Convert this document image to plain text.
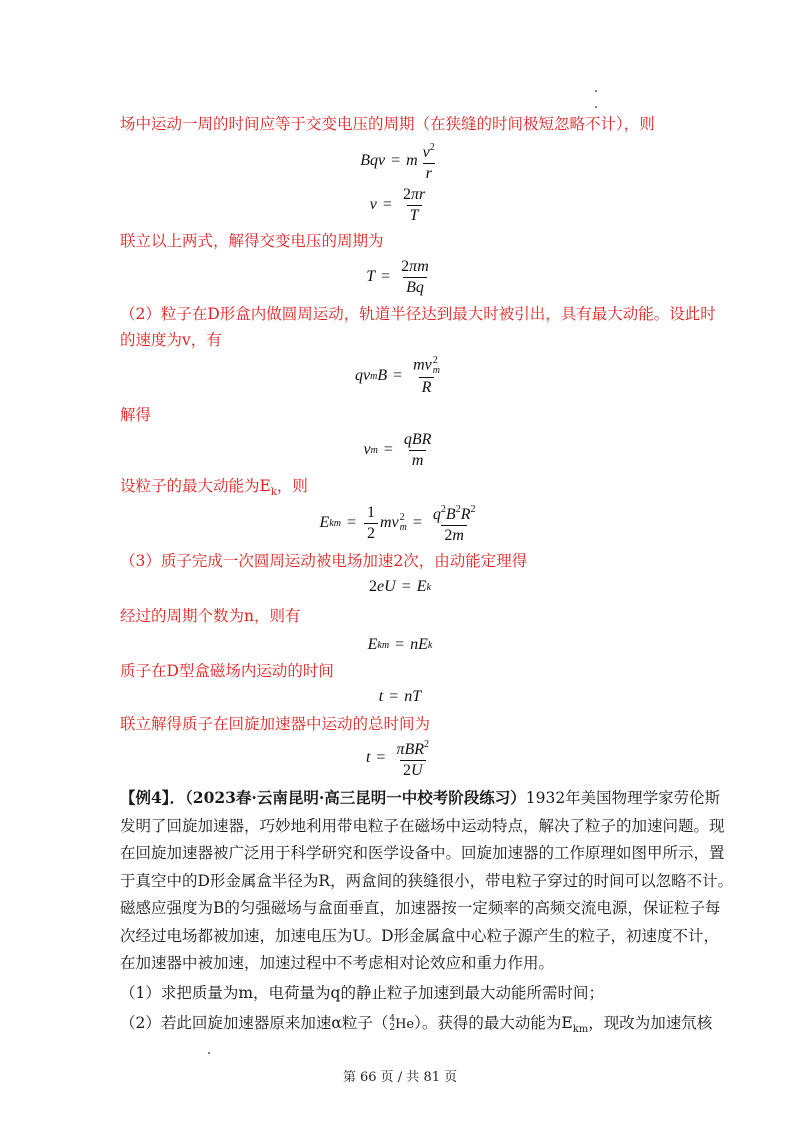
场中运动一周的时间应等于交变电压的周期（在狭缝的时间极短忽略不计），则
Bqv = m $\frac{v^2}{r}$
$v = \frac{2\pi r}{T}$
联立以上两式，解得交变电压的周期为
$T = \frac{2\pi m}{Bq}$
（2）粒子在D形盒内做圆周运动，轨道半径达到最大时被引出，具有最大动能。设此时
的速度为v，有
qv m B = mv 2
m
R
解得
v $m = \frac{\text{qBR}}{m}$
设粒子的最大动能为$E_k$，则
E km = $\frac{1}{2}$ mv 2
$m = \frac{q^2B^2R^2}{2m}$
（3）质子完成一次圆周运动被电场加速2次，由动能定理得
2 eU = E k
经过的周期个数为n，则有
E km = nE k
质子在D型盒磁场内运动的时间
t = nT
联立解得质子在回旋加速器中运动的总时间为
$t = \frac{\pi BR^2}{2U}$
【例4】．（2023春·云南昆明·高三昆明一中校考阶段练习）1932年美国物理学家劳伦斯
发明了回旋加速器，巧妙地利用带电粒子在磁场中运动特点，解决了粒子的加速问题。现
在回旋加速器被广泛用于科学研究和医学设备中。回旋加速器的工作原理如图甲所示，置
于真空中的D形金属盒半径为R，两盒间的狭缝很小，带电粒子穿过的时间可以忽略不计。
磁感应强度为B的匀强磁场与盒面垂直，加速器按一定频率的高频交流电源，保证粒子每
次经过电场都被加速，加速电压为U。D形金属盒中心粒子源产生的粒子，初速度不计，
在加速器中被加速，加速过程中不考虑相对论效应和重力作用。
（1）求把质量为m，电荷量为q的静止粒子加速到最大动能所需时间；
（2）若此回旋加速器原来加速α粒子（ 4
2 He）。获得的最大动能为$E_{km}$，现改为加速氘核
第 66 页 / 共 81 页
